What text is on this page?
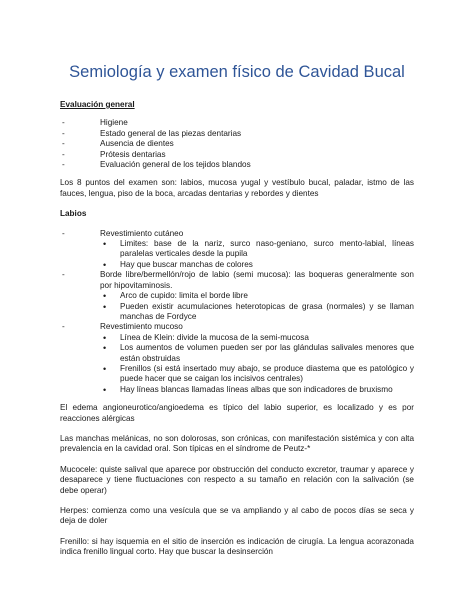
Semiología y examen físico de Cavidad Bucal
Evaluación general
- Higiene
- Estado general de las piezas dentarias
- Ausencia de dientes
- Prótesis dentarias
- Evaluación general de los tejidos blandos

Los 8 puntos del examen son: labios, mucosa yugal y vestíbulo bucal, paladar, istmo de las fauces, lengua, piso de la boca, arcadas dentarias y rebordes y dientes

Labios
- Revestimiento cutáneo
• Limites: base de la nariz, surco naso-geniano, surco mento-labial, líneas paralelas verticales desde la pupila
• Hay que buscar manchas de colores
- Borde libre/bermellón/rojo de labio (semi mucosa): las boqueras generalmente son por hipovitaminosis.
• Arco de cupido: limita el borde libre
• Pueden existir acumulaciones heterotopicas de grasa (normales) y se llaman manchas de Fordyce
- Revestimiento mucoso
• Línea de Klein: divide la mucosa de la semi-mucosa
• Los aumentos de volumen pueden ser por las glándulas salivales menores que están obstruidas
• Frenillos (si está insertado muy abajo, se produce diastema que es patológico y puede hacer que se caigan los incisivos centrales)
• Hay líneas blancas llamadas líneas albas que son indicadores de bruxismo

El edema angioneurotico/angioedema es típico del labio superior, es localizado y es por reacciones alérgicas

Las manchas melánicas, no son dolorosas, son crónicas, con manifestación sistémica y con alta prevalencia en la cavidad oral. Son típicas en el síndrome de Peutz-*

Mucocele: quiste salival que aparece por obstrucción del conducto excretor, traumar y aparece y desaparece y tiene fluctuaciones con respecto a su tamaño en relación con la salivación (se debe operar)

Herpes: comienza como una vesícula que se va ampliando y al cabo de pocos días se seca y deja de doler

Frenillo: si hay isquemia en el sitio de inserción es indicación de cirugía. La lengua acorazonada indica frenillo lingual corto. Hay que buscar la desinserción
